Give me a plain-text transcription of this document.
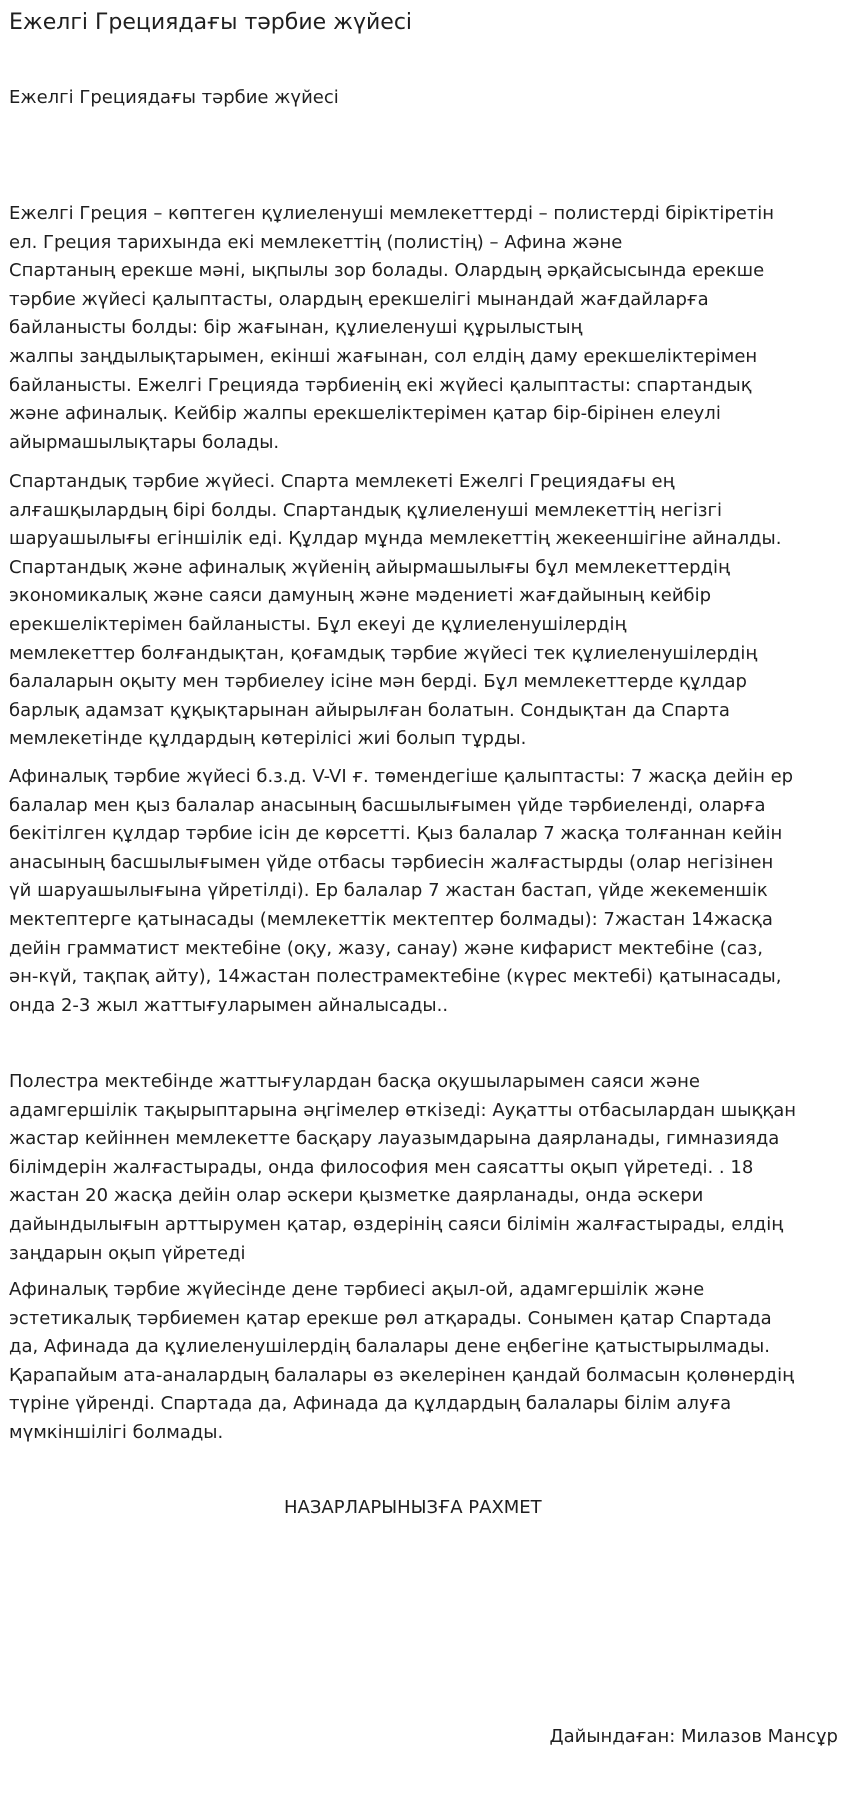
Ежелгі Грециядағы тәрбие жүйесі
Ежелгі Грециядағы тәрбие жүйесі
Ежелгі Греция – көптеген құлиеленуші мемлекеттерді – полистерді біріктіретін
ел. Греция тарихында екі мемлекеттің (полистің) – Афина және
Спартаның ерекше мәні, ықпылы зор болады. Олардың әрқайсысында ерекше
тәрбие жүйесі қалыптасты, олардың ерекшелігі мынандай жағдайларға
байланысты болды: бір жағынан, құлиеленуші құрылыстың
жалпы заңдылықтарымен, екінші жағынан, сол елдің даму ерекшеліктерімен
байланысты. Ежелгі Грецияда тәрбиенің екі жүйесі қалыптасты: спартандық
және афиналық. Кейбір жалпы ерекшеліктерімен қатар бір-бірінен елеулі
айырмашылықтары болады.
Спартандық тәрбие жүйесі. Спарта мемлекеті Ежелгі Грециядағы ең
алғашқылардың бірі болды. Спартандық құлиеленуші мемлекеттің негізгі
шаруашылығы егіншілік еді. Құлдар мұнда мемлекеттің жекееншігіне айналды.
Спартандық және афиналық жүйенің айырмашылығы бұл мемлекеттердің
экономикалық және саяси дамуның және мәдениеті жағдайының кейбір
ерекшеліктерімен байланысты. Бұл екеуі де құлиеленушілердің
мемлекеттер болғандықтан, қоғамдық тәрбие жүйесі тек құлиеленушілердің
балаларын оқыту мен тәрбиелеу ісіне мән берді. Бұл мемлекеттерде құлдар
барлық адамзат құқықтарынан айырылған болатын. Сондықтан да Спарта
мемлекетінде құлдардың көтерілісі жиі болып тұрды.
Афиналық тәрбие жүйесі б.з.д. V-VI ғ. төмендегіше қалыптасты: 7 жасқа дейін ер
балалар мен қыз балалар анасының басшылығымен үйде тәрбиеленді, оларға
бекітілген құлдар тәрбие ісін де көрсетті. Қыз балалар 7 жасқа толғаннан кейін
анасының басшылығымен үйде отбасы тәрбиесін жалғастырды (олар негізінен
үй шаруашылығына үйретілді). Ер балалар 7 жастан бастап, үйде жекеменшік
мектептерге қатынасады (мемлекеттік мектептер болмады): 7жастан 14жасқа
дейін грамматист мектебіне (оқу, жазу, санау) және кифарист мектебіне (саз,
ән-күй, тақпақ айту), 14жастан полестрамектебіне (күрес мектебі) қатынасады,
онда 2-3 жыл жаттығуларымен айналысады..
Полестра мектебінде жаттығулардан басқа оқушыларымен саяси және
адамгершілік тақырыптарына әңгімелер өткізеді: Ауқатты отбасылардан шыққан
жастар кейіннен мемлекетте басқару лауазымдарына даярланады, гимназияда
білімдерін жалғастырады, онда философия мен саясатты оқып үйретеді. . 18
жастан 20 жасқа дейін олар әскери қызметке даярланады, онда әскери
дайындылығын арттырумен қатар, өздерінің саяси білімін жалғастырады, елдің
заңдарын оқып үйретеді
Афиналық тәрбие жүйесінде дене тәрбиесі ақыл-ой, адамгершілік және
эстетикалық тәрбиемен қатар ерекше рөл атқарады. Сонымен қатар Спартада
да, Афинада да құлиеленушілердің балалары дене еңбегіне қатыстырылмады.
Қарапайым ата-аналардың балалары өз әкелерінен қандай болмасын қолөнердің
түріне үйренді. Спартада да, Афинада да құлдардың балалары білім алуға
мүмкіншілігі болмады.
НАЗАРЛАРЫНЫЗҒА РАХМЕТ
Дайындаған: Милазов Мансұр
